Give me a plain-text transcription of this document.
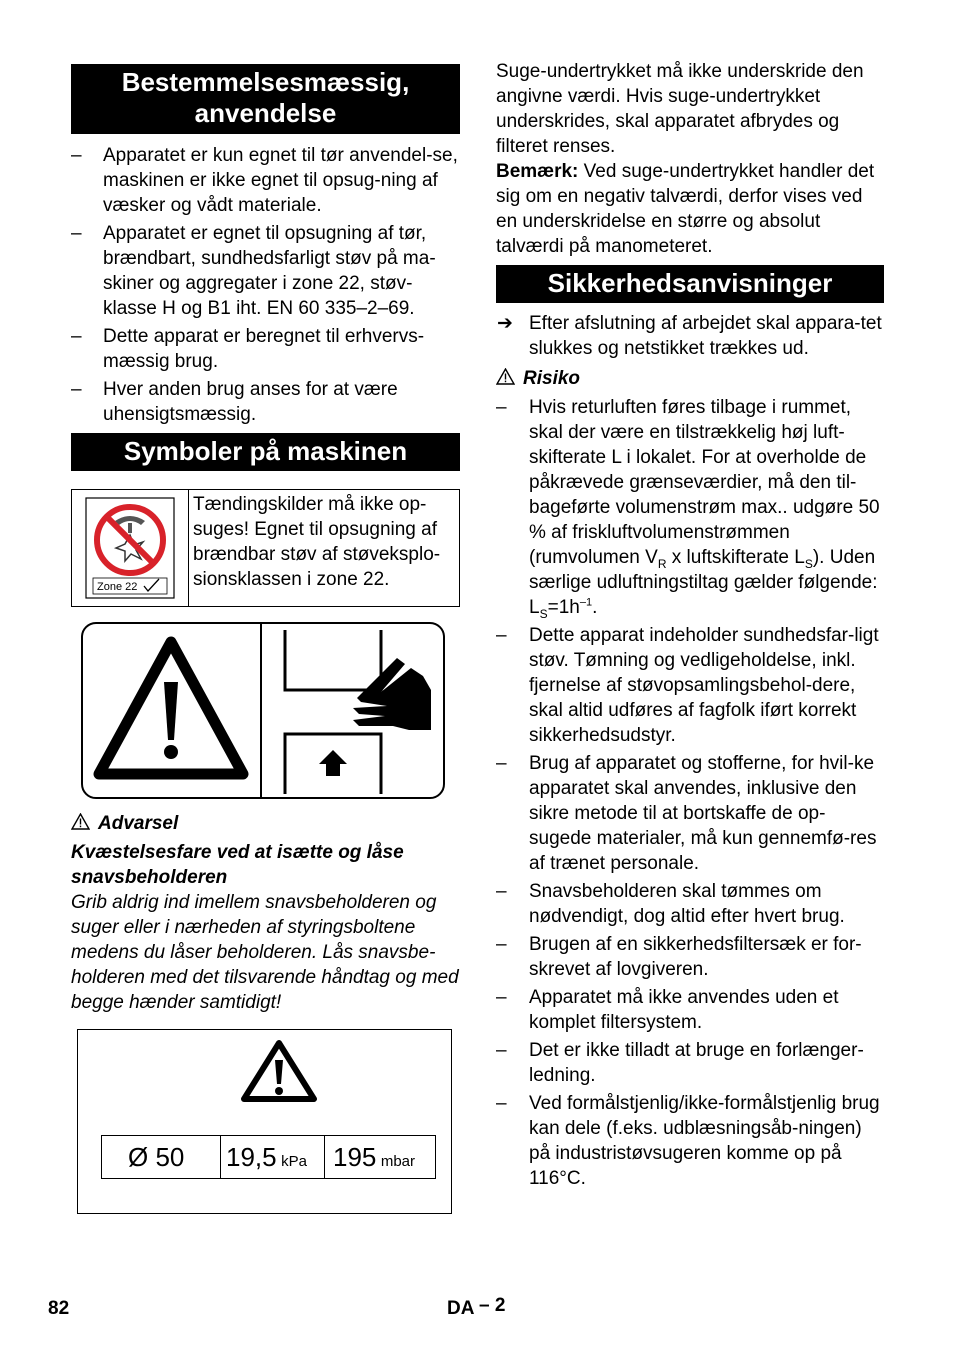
Bestemmelsesmæssig,
anvendelse
– Apparatet er kun egnet til tør anvendel-se, maskinen er ikke egnet til opsug-ning af væsker og vådt materiale.
– Apparatet er egnet til opsugning af tør, brændbart, sundhedsfarligt støv på ma-skiner og aggregater i zone 22, støv-klasse H og B1 iht. EN 60 335–2–69.
– Dette apparat er beregnet til erhvervs-mæssig brug.
– Hver anden brug anses for at være uhensigtsmæssig.
Symboler på maskinen
Zone 22
Tændingskilder må ikke op-suges! Egnet til opsugning af brændbar støv af støveksplo-sionsklassen i zone 22.
Advarsel

Kvæstelsesfare ved at isætte og låse snavsbeholderen

Grib aldrig ind imellem snavsbeholderen og suger eller i nærheden af styringsboltene medens du låser beholderen. Lås snavsbe-holderen med det tilsvarende håndtag og med begge hænder samtidigt!

Ø 50	19,5 kPa	195 mbar

Suge-undertrykket må ikke underskride den angivne værdi. Hvis suge-undertrykket underskrides, skal apparatet afbrydes og filteret renses.

Bemærk: Ved suge-undertrykket handler det sig om en negativ talværdi, derfor vises ved en underskridelse en større og absolut talværdi på manometeret.

Sikkerhedsanvisninger
➔ Efter afslutning af arbejdet skal appara-tet slukkes og netstikket trækkes ud.
Risiko
– Hvis returluften føres tilbage i rummet, skal der være en tilstrækkelig høj luft-skifterate L i lokalet. For at overholde de påkrævede grænseværdier, må den til-bageførte volumenstrøm max.. udgøre 50 % af friskluftvolumenstrømmen (rumvolumen $V_R$ x luftskifterate $L_S$). Uden særlige udluftningstiltag gælder følgende: $L_S=1h^{-1}$.
– Dette apparat indeholder sundhedsfar-ligt støv. Tømning og vedligeholdelse, inkl. fjernelse af støvopsamlingsbehol-dere, skal altid udføres af fagfolk iført korrekt sikkerhedsudstyr.
– Brug af apparatet og stofferne, for hvil-ke apparatet skal anvendes, inklusive den sikre metode til at bortskaffe de op-sugede materialer, må kun gennemfø-res af trænet personale.
– Snavsbeholderen skal tømmes om nødvendigt, dog altid efter hvert brug.
– Brugen af en sikkerhedsfiltersæk er for-skrevet af lovgiveren.
– Apparatet må ikke anvendes uden et komplet filtersystem.
– Det er ikke tilladt at bruge en forlænger-ledning.
– Ved formålstjenlig/ikke-formålstjenlig brug kan dele (f.eks. udblæsningsåb-ningen) på industristøvsugeren komme op på 116°C.
82	DA – 2
